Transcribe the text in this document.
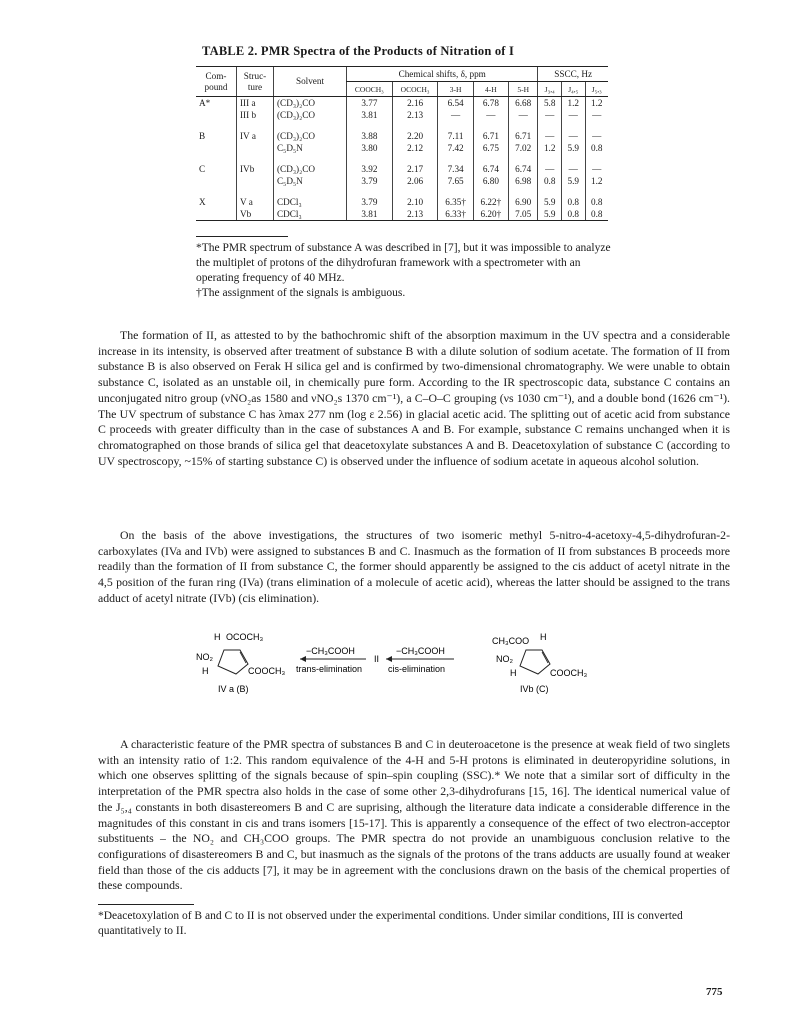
TABLE 2. PMR Spectra of the Products of Nitration of I
Com-pound	Struc-ture	Solvent	Chemical shifts, δ, ppm					SSCC, Hz		
			COOCH₃	OCOCH₃	3-H	4-H	5-H	J₃,₄	J₄,₅	J₅,₃
A*	III a	(CD₃)₂CO	3.77	2.16	6.54	6.78	6.68	5.8	1.2	1.2
	III b	(CD₃)₂CO	3.81	2.13	—	—	—	—	—	—
B	IV a	(CD₃)₂CO	3.88	2.20	7.11	6.71	6.71	—	—	—
		C₅D₅N	3.80	2.12	7.42	6.75	7.02	1.2	5.9	0.8
C	IVb	(CD₃)₂CO	3.92	2.17	7.34	6.74	6.74	—	—	—
		C₅D₅N	3.79	2.06	7.65	6.80	6.98	0.8	5.9	1.2
X	V a	CDCl₃	3.79	2.10	6.35†	6.22†	6.90	5.9	0.8	0.8
	Vb	CDCl₃	3.81	2.13	6.33†	6.20†	7.05	5.9	0.8	0.8

*The PMR spectrum of substance A was described in [7], but it was impossible to analyze the multiplet of protons of the dihydrofuran framework with a spectrometer with an operating frequency of 40 MHz.

†The assignment of the signals is ambiguous.

The formation of II, as attested to by the bathochromic shift of the absorption maximum in the UV spectra and a considerable increase in its intensity, is observed after treatment of substance B with a dilute solution of sodium acetate. The formation of II from substance B is also observed on Ferak H silica gel and is confirmed by two-dimensional chromatography. We were unable to obtain substance C, isolated as an unstable oil, in chemically pure form. According to the IR spectroscopic data, substance C contains an unconjugated nitro group (νNO₂as 1580 and νNO₂s 1370 cm⁻¹), a C–O–C grouping (νs 1030 cm⁻¹), and a double bond (1626 cm⁻¹). The UV spectrum of substance C has λmax 277 nm (log ε 2.56) in glacial acetic acid. The splitting out of acetic acid from substance C proceeds with greater difficulty than in the case of substances A and B. For example, substance C remains unchanged when it is chromatographed on those brands of silica gel that deacetoxylate substances A and B. Deacetoxylation of substance C (according to UV spectroscopy, ~15% of starting substance C) is observed under the influence of sodium acetate in aqueous alcohol solution.

On the basis of the above investigations, the structures of two isomeric methyl 5-nitro-4-acetoxy-4,5-dihydrofuran-2-carboxylates (IVa and IVb) were assigned to substances B and C. Inasmuch as the formation of II from substances B proceeds more readily than the formation of II from substance C, the former should apparently be assigned to the cis adduct of acetyl nitrate in the 4,5 position of the furan ring (IVa) (trans elimination of a molecule of acetic acid), whereas the latter should be assigned to the trans adduct of acetyl nitrate (IVb) (cis elimination).

H OCOCH₃
NO₂
H	COOCH₃
IV a (B)
−CH₃COOH
trans-elimination
II
−CH₃COOH
cis-elimination
CH₃COO H
NO₂
H	COOCH₃
IVb (C)

A characteristic feature of the PMR spectra of substances B and C in deuteroacetone is the presence at weak field of two singlets with an intensity ratio of 1:2. This random equivalence of the 4-H and 5-H protons is eliminated in deuteropyridine solutions, in which one observes splitting of the signals because of spin–spin coupling (SSC).* We note that a similar sort of difficulty in the interpretation of the PMR spectra also holds in the case of some other 2,3-dihydrofurans [15, 16]. The identical numerical value of the J₅,₄ constants in both disastereomers B and C are suprising, although the literature data indicate a considerable difference in the magnitudes of this constant in cis and trans isomers [15-17]. This is apparently a consequence of the effect of two electron-acceptor substituents – the NO₂ and CH₃COO groups. The PMR spectra do not provide an unambiguous conclusion relative to the configurations of disastereomers B and C, but inasmuch as the signals of the protons of the trans adducts are usually found at weaker field than those of the cis adducts [7], it may be in agreement with the conclusions drawn on the basis of the chemical properties of these compounds.

*Deacetoxylation of B and C to II is not observed under the experimental conditions. Under similar conditions, III is converted quantitatively to II.

775
